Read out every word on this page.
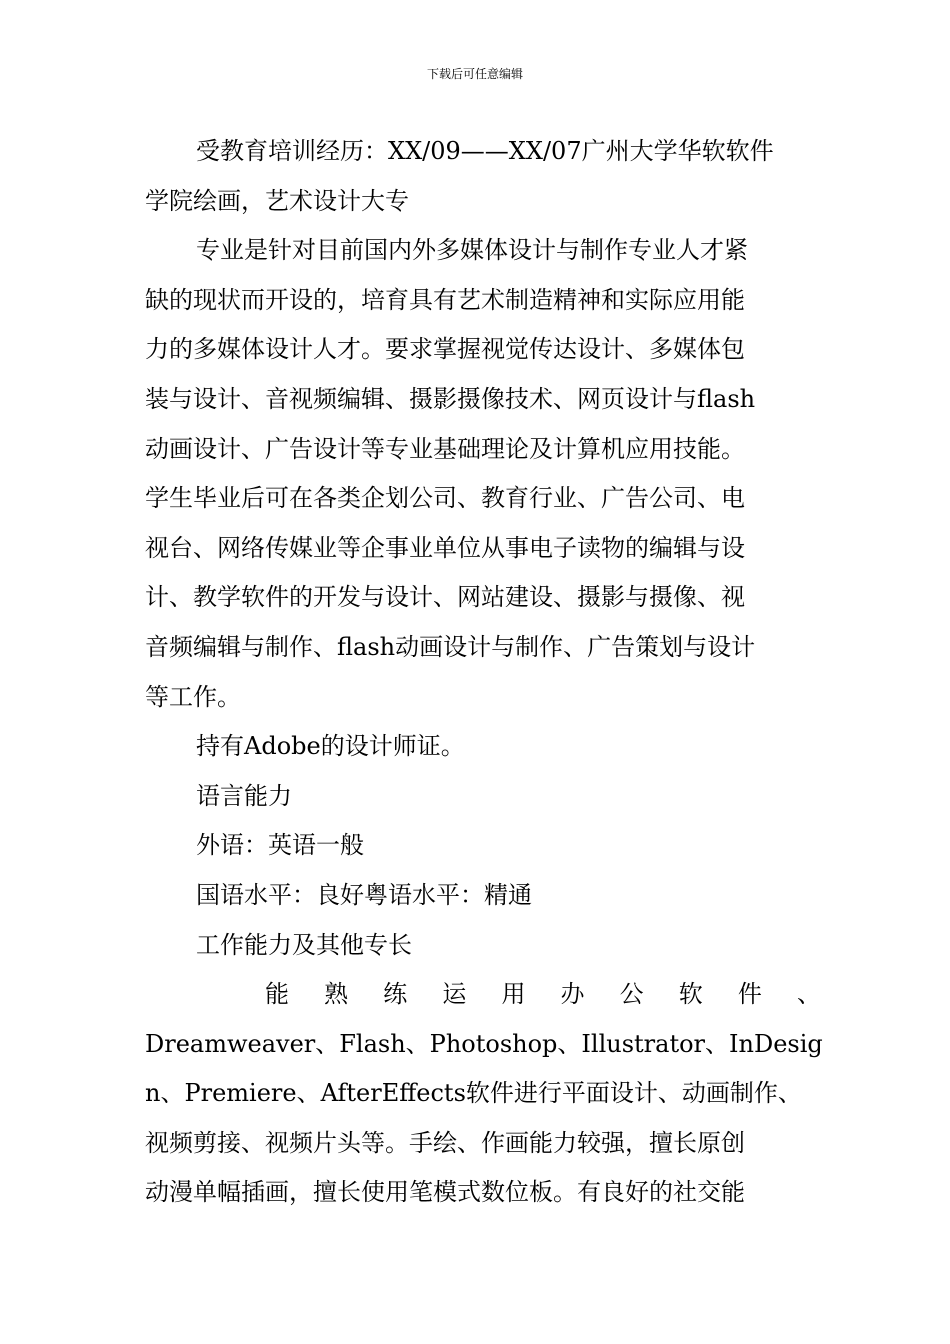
下载后可任意编辑
受教育培训经历：XX/09——XX/07广州大学华软软件
学院绘画，艺术设计大专
专业是针对目前国内外多媒体设计与制作专业人才紧
缺的现状而开设的，培育具有艺术制造精神和实际应用能
力的多媒体设计人才。要求掌握视觉传达设计、多媒体包
装与设计、音视频编辑、摄影摄像技术、网页设计与flash
动画设计、广告设计等专业基础理论及计算机应用技能。
学生毕业后可在各类企划公司、教育行业、广告公司、电
视台、网络传媒业等企事业单位从事电子读物的编辑与设
计、教学软件的开发与设计、网站建设、摄影与摄像、视
音频编辑与制作、flash动画设计与制作、广告策划与设计
等工作。
持有Adobe的设计师证。
语言能力
外语：英语一般
国语水平：良好粤语水平：精通
工作能力及其他专长
能 熟 练 运 用 办 公 软 件 、
Dreamweaver、Flash、Photoshop、Illustrator、InDesig
n、Premiere、AfterEffects软件进行平面设计、动画制作、
视频剪接、视频片头等。手绘、作画能力较强，擅长原创
动漫单幅插画，擅长使用笔模式数位板。有良好的社交能
